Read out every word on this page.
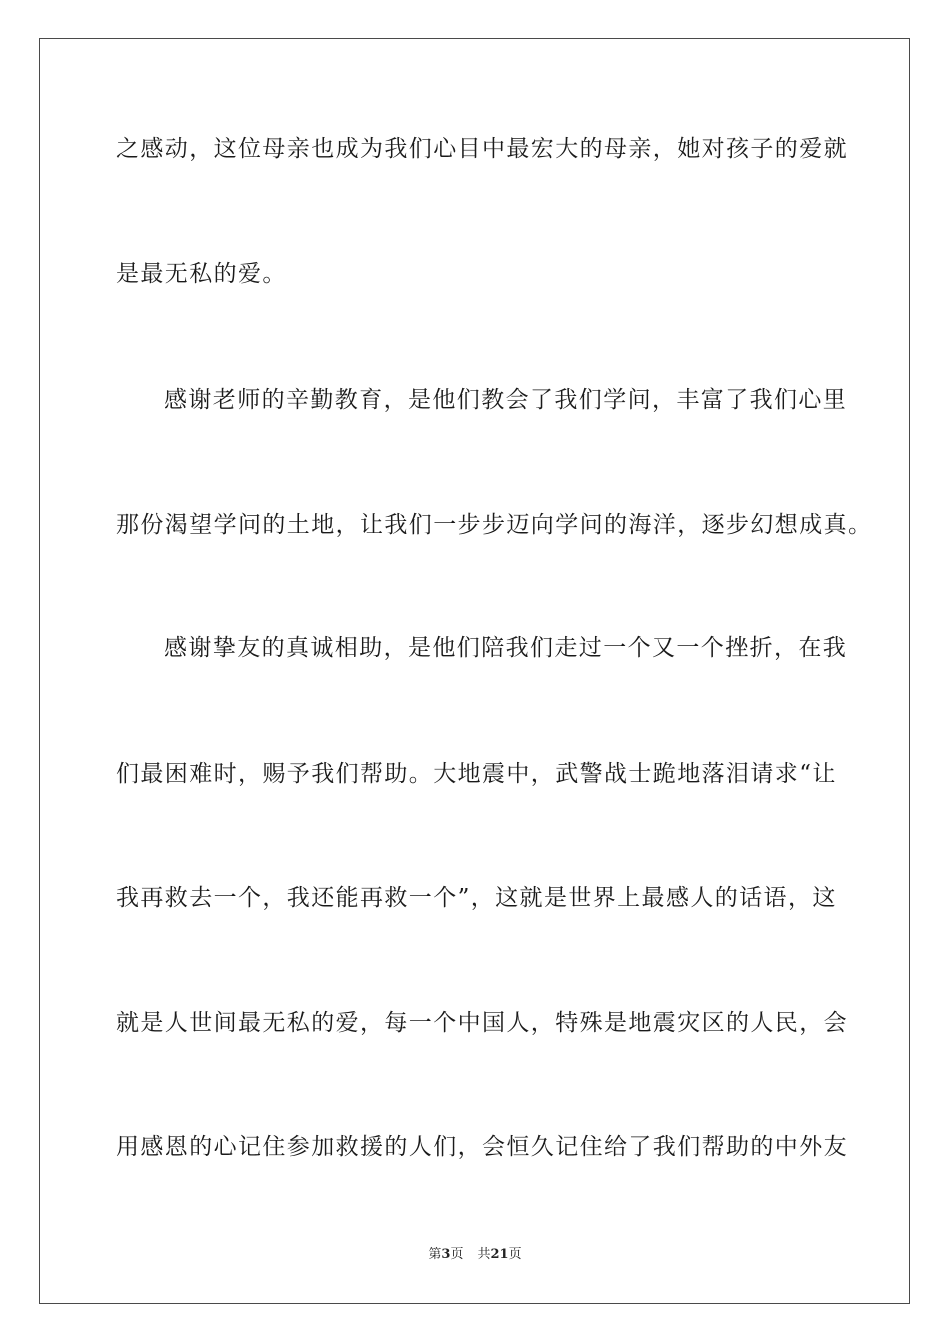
之感动，这位母亲也成为我们心目中最宏大的母亲，她对孩子的爱就
是最无私的爱。
感谢老师的辛勤教育，是他们教会了我们学问，丰富了我们心里
那份渴望学问的土地，让我们一步步迈向学问的海洋，逐步幻想成真。
感谢挚友的真诚相助，是他们陪我们走过一个又一个挫折，在我
们最困难时，赐予我们帮助。大地震中，武警战士跪地落泪请求“让
我再救去一个，我还能再救一个”，这就是世界上最感人的话语，这
就是人世间最无私的爱，每一个中国人，特殊是地震灾区的人民，会
用感恩的心记住参加救援的人们，会恒久记住给了我们帮助的中外友
第3页 共21页
